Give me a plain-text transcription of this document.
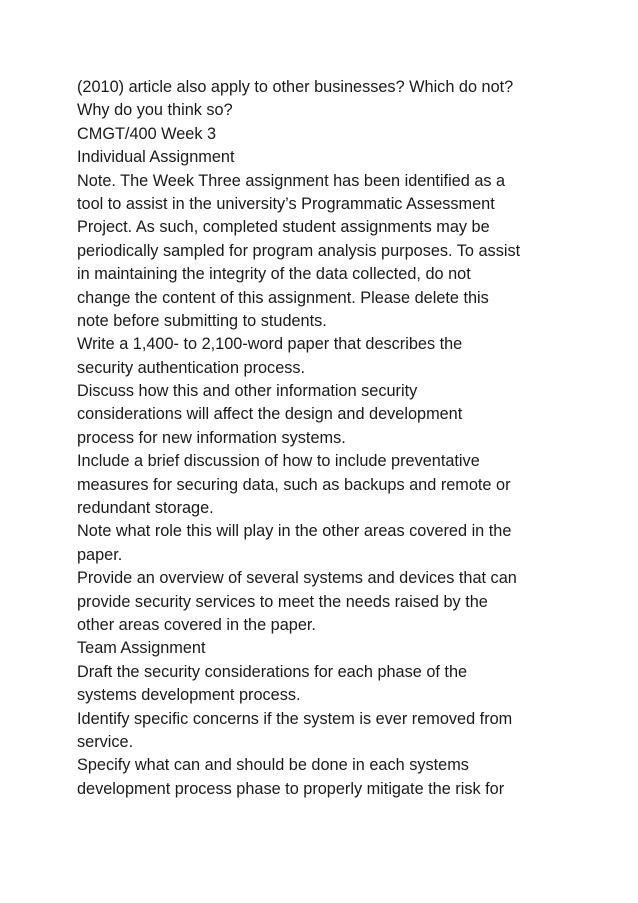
(2010) article also apply to other businesses? Which do not?
Why do you think so?
CMGT/400 Week 3
Individual Assignment
Note. The Week Three assignment has been identified as a
tool to assist in the university’s Programmatic Assessment
Project. As such, completed student assignments may be
periodically sampled for program analysis purposes. To assist
in maintaining the integrity of the data collected, do not
change the content of this assignment. Please delete this
note before submitting to students.
Write a 1,400- to 2,100-word paper that describes the
security authentication process.
Discuss how this and other information security
considerations will affect the design and development
process for new information systems.
Include a brief discussion of how to include preventative
measures for securing data, such as backups and remote or
redundant storage.
Note what role this will play in the other areas covered in the
paper.
Provide an overview of several systems and devices that can
provide security services to meet the needs raised by the
other areas covered in the paper.
Team Assignment
Draft the security considerations for each phase of the
systems development process.
Identify specific concerns if the system is ever removed from
service.
Specify what can and should be done in each systems
development process phase to properly mitigate the risk for
